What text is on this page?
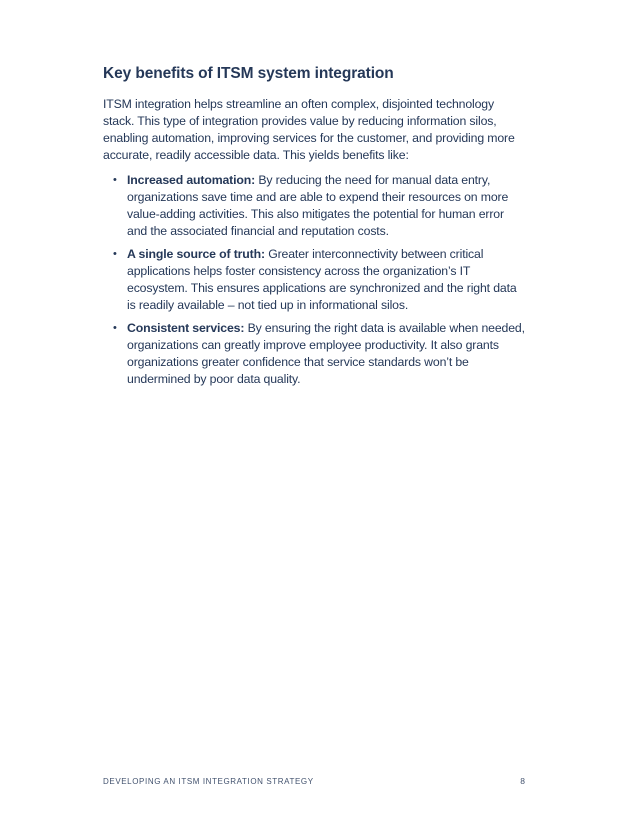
Key benefits of ITSM system integration

ITSM integration helps streamline an often complex, disjointed technology stack. This type of integration provides value by reducing information silos, enabling automation, improving services for the customer, and providing more accurate, readily accessible data. This yields benefits like:

• Increased automation: By reducing the need for manual data entry, organizations save time and are able to expend their resources on more value-adding activities. This also mitigates the potential for human error and the associated financial and reputation costs.
• A single source of truth: Greater interconnectivity between critical applications helps foster consistency across the organization’s IT ecosystem. This ensures applications are synchronized and the right data is readily available – not tied up in informational silos.
• Consistent services: By ensuring the right data is available when needed, organizations can greatly improve employee productivity. It also grants organizations greater confidence that service standards won’t be undermined by poor data quality.
DEVELOPING AN ITSM INTEGRATION STRATEGY	8
